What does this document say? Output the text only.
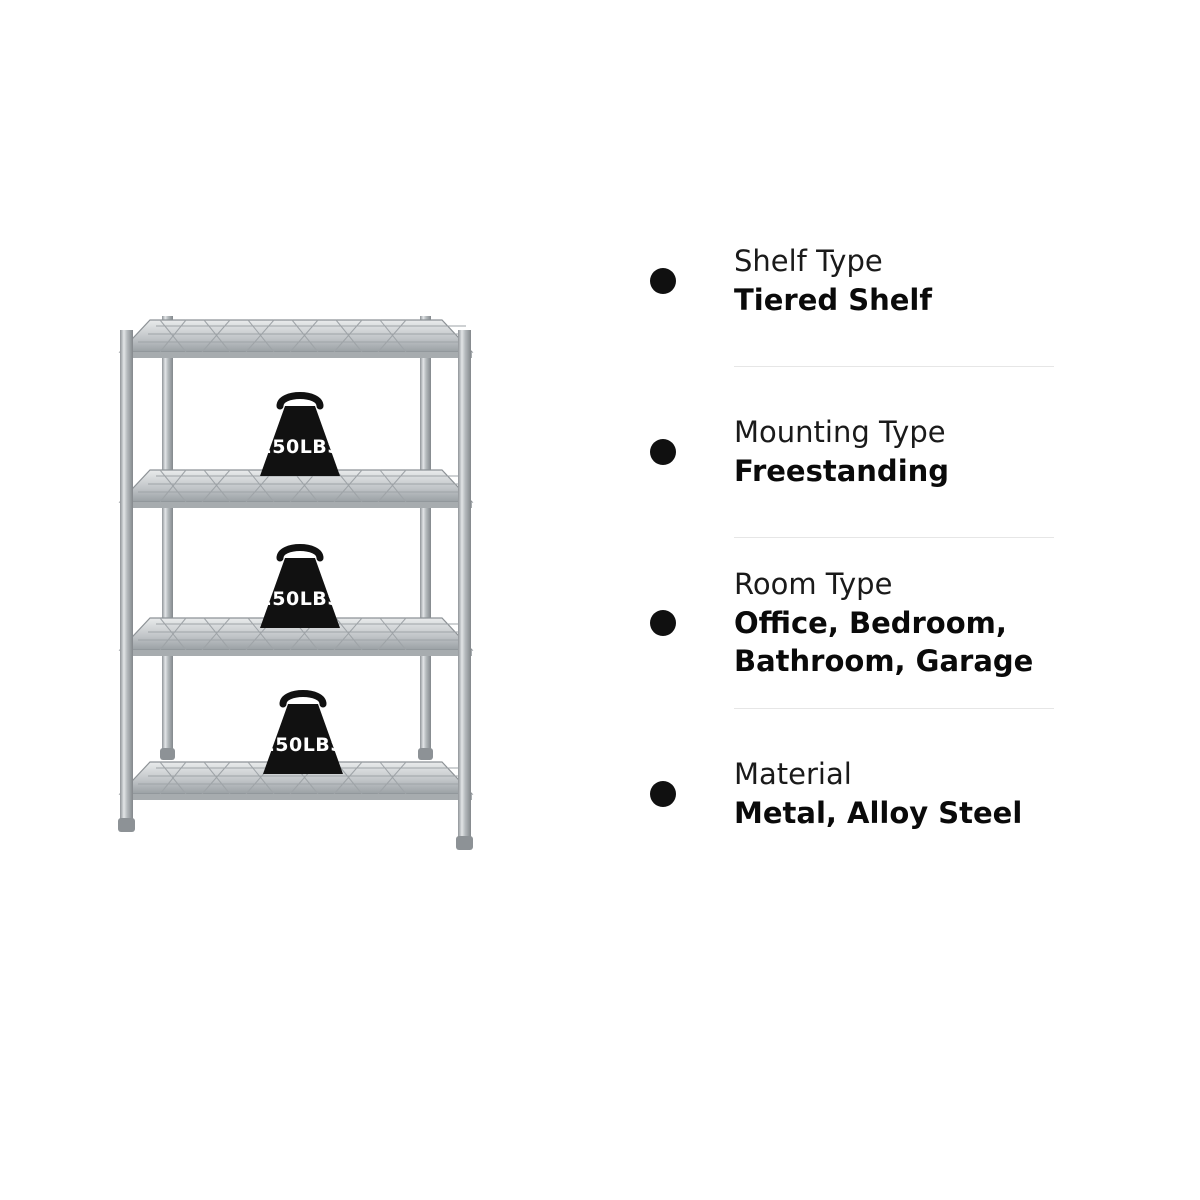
250LBS
250LBS
250LBS
Shelf Type
Tiered Shelf
Mounting Type
Freestanding
Room Type
Office, Bedroom, Bathroom, Garage
Material
Metal, Alloy Steel
